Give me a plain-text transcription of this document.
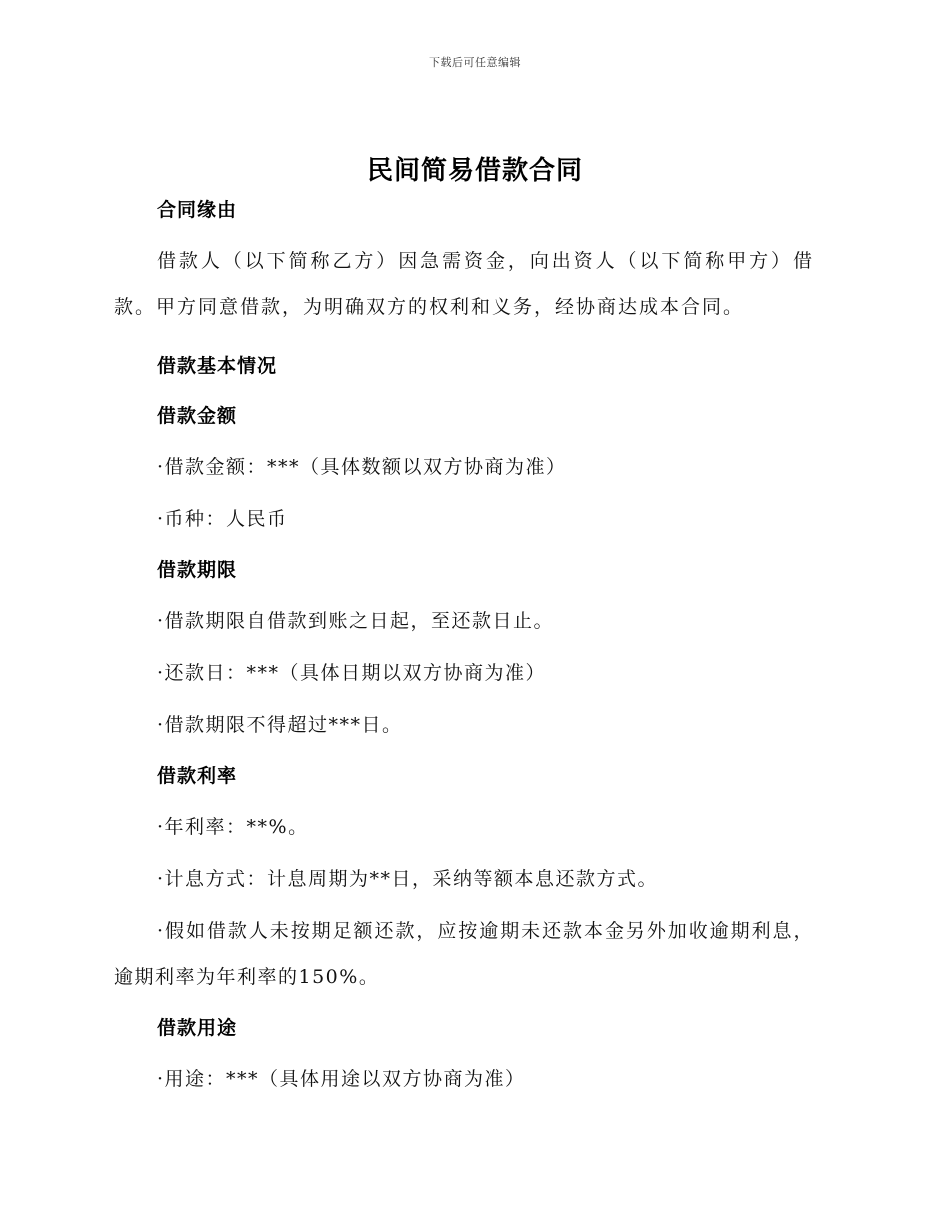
下载后可任意编辑
民间简易借款合同
合同缘由

借款人（以下简称乙方）因急需资金，向出资人（以下简称甲方）借款。甲方同意借款，为明确双方的权利和义务，经协商达成本合同。

借款基本情况
借款金额

·借款金额：***（具体数额以双方协商为准）

·币种：人民币

借款期限

·借款期限自借款到账之日起，至还款日止。

·还款日：***（具体日期以双方协商为准）

·借款期限不得超过***日。

借款利率

·年利率：**%。

·计息方式：计息周期为**日，采纳等额本息还款方式。

·假如借款人未按期足额还款，应按逾期未还款本金另外加收逾期利息，逾期利率为年利率的150%。

借款用途

·用途：***（具体用途以双方协商为准）
